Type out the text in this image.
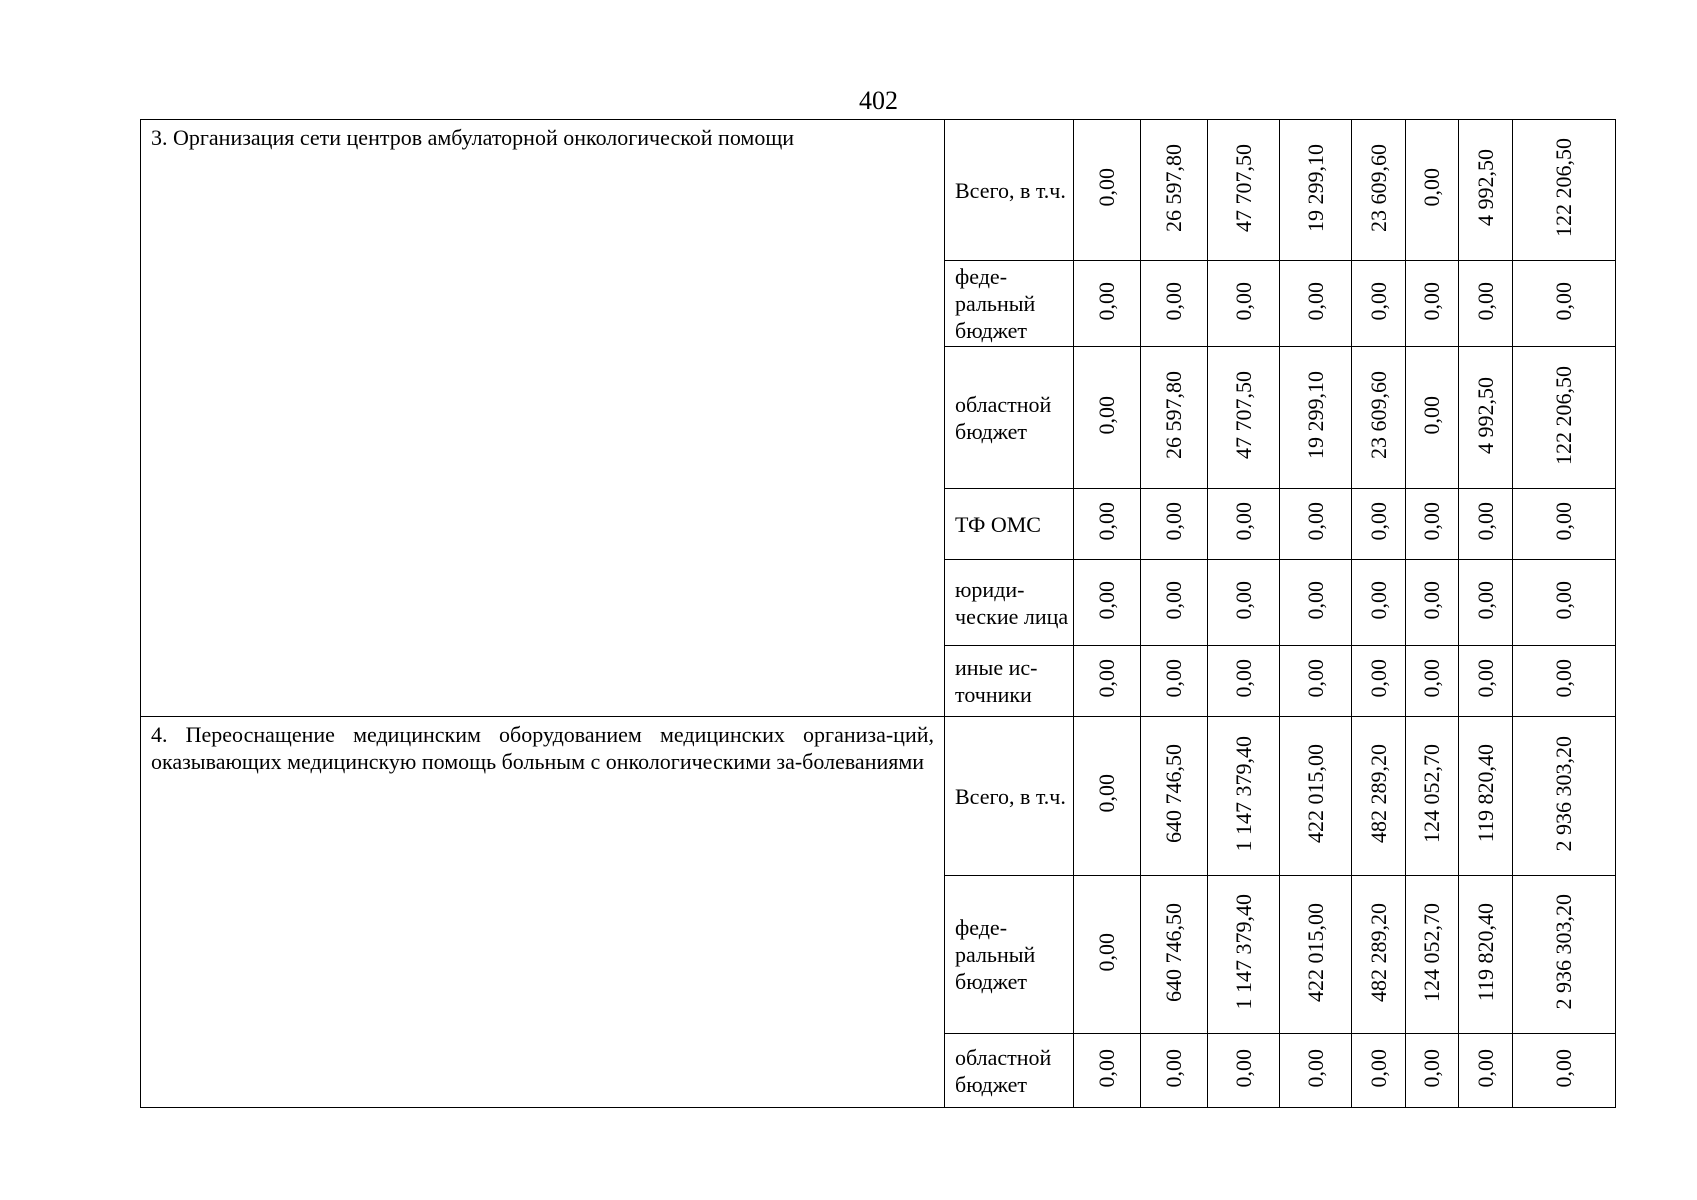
402
3. Организация сети центров амбулаторной онкологической помощи	Всего, в т.ч.	0,00	26 597,80	47 707,50	19 299,10	23 609,60	0,00	4 992,50	122 206,50
	феде-ральный бюджет	0,00	0,00	0,00	0,00	0,00	0,00	0,00	0,00
	областной бюджет	0,00	26 597,80	47 707,50	19 299,10	23 609,60	0,00	4 992,50	122 206,50
	ТФ ОМС	0,00	0,00	0,00	0,00	0,00	0,00	0,00	0,00
	юриди-ческие лица	0,00	0,00	0,00	0,00	0,00	0,00	0,00	0,00
	иные ис-точники	0,00	0,00	0,00	0,00	0,00	0,00	0,00	0,00
4. Переоснащение медицинским оборудованием медицинских организа-ций, оказывающих медицинскую помощь больным с онкологическими за-болеваниями	Всего, в т.ч.	0,00	640 746,50	1 147 379,40	422 015,00	482 289,20	124 052,70	119 820,40	2 936 303,20
	феде-ральный бюджет	0,00	640 746,50	1 147 379,40	422 015,00	482 289,20	124 052,70	119 820,40	2 936 303,20
	областной бюджет	0,00	0,00	0,00	0,00	0,00	0,00	0,00	0,00
